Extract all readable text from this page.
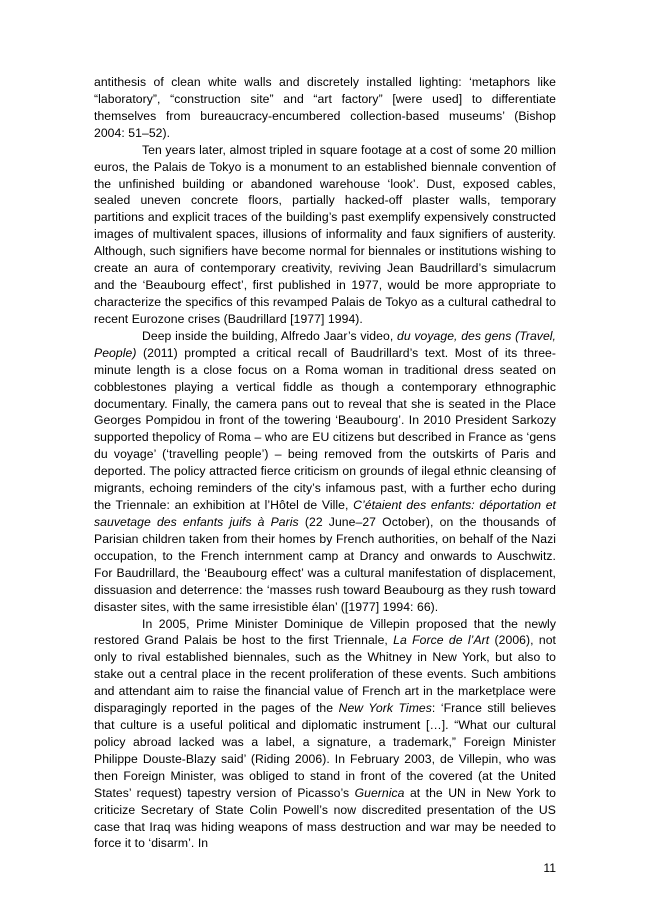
antithesis of clean white walls and discretely installed lighting: ‘metaphors like “laboratory”, “construction site” and “art factory” [were used] to differentiate themselves from bureaucracy-encumbered collection-based museums’ (Bishop 2004: 51–52).

Ten years later, almost tripled in square footage at a cost of some 20 million euros, the Palais de Tokyo is a monument to an established biennale convention of the unfinished building or abandoned warehouse ‘look’. Dust, exposed cables, sealed uneven concrete floors, partially hacked-off plaster walls, temporary partitions and explicit traces of the building’s past exemplify expensively constructed images of multivalent spaces, illusions of informality and faux signifiers of austerity. Although, such signifiers have become normal for biennales or institutions wishing to create an aura of contemporary creativity, reviving Jean Baudrillard’s simulacrum and the ‘Beaubourg effect’, first published in 1977, would be more appropriate to characterize the specifics of this revamped Palais de Tokyo as a cultural cathedral to recent Eurozone crises (Baudrillard [1977] 1994).

Deep inside the building, Alfredo Jaar’s video, du voyage, des gens (Travel, People) (2011) prompted a critical recall of Baudrillard’s text. Most of its three-minute length is a close focus on a Roma woman in traditional dress seated on cobblestones playing a vertical fiddle as though a contemporary ethnographic documentary. Finally, the camera pans out to reveal that she is seated in the Place Georges Pompidou in front of the towering ‘Beaubourg’. In 2010 President Sarkozy supported thepolicy of Roma – who are EU citizens but described in France as ‘gens du voyage’ (‘travelling people’) – being removed from the outskirts of Paris and deported. The policy attracted fierce criticism on grounds of ilegal ethnic cleansing of migrants, echoing reminders of the city’s infamous past, with a further echo during the Triennale: an exhibition at l’Hôtel de Ville, C’étaient des enfants: déportation et sauvetage des enfants juifs à Paris (22 June–27 October), on the thousands of Parisian children taken from their homes by French authorities, on behalf of the Nazi occupation, to the French internment camp at Drancy and onwards to Auschwitz. For Baudrillard, the ‘Beaubourg effect’ was a cultural manifestation of displacement, dissuasion and deterrence: the ‘masses rush toward Beaubourg as they rush toward disaster sites, with the same irresistible élan’ ([1977] 1994: 66).

In 2005, Prime Minister Dominique de Villepin proposed that the newly restored Grand Palais be host to the first Triennale, La Force de l’Art (2006), not only to rival established biennales, such as the Whitney in New York, but also to stake out a central place in the recent proliferation of these events. Such ambitions and attendant aim to raise the financial value of French art in the marketplace were disparagingly reported in the pages of the New York Times: ‘France still believes that culture is a useful political and diplomatic instrument […]. “What our cultural policy abroad lacked was a label, a signature, a trademark,” Foreign Minister Philippe Douste-Blazy said’ (Riding 2006). In February 2003, de Villepin, who was then Foreign Minister, was obliged to stand in front of the covered (at the United States’ request) tapestry version of Picasso’s Guernica at the UN in New York to criticize Secretary of State Colin Powell’s now discredited presentation of the US case that Iraq was hiding weapons of mass destruction and war may be needed to force it to ‘disarm’. In

11
